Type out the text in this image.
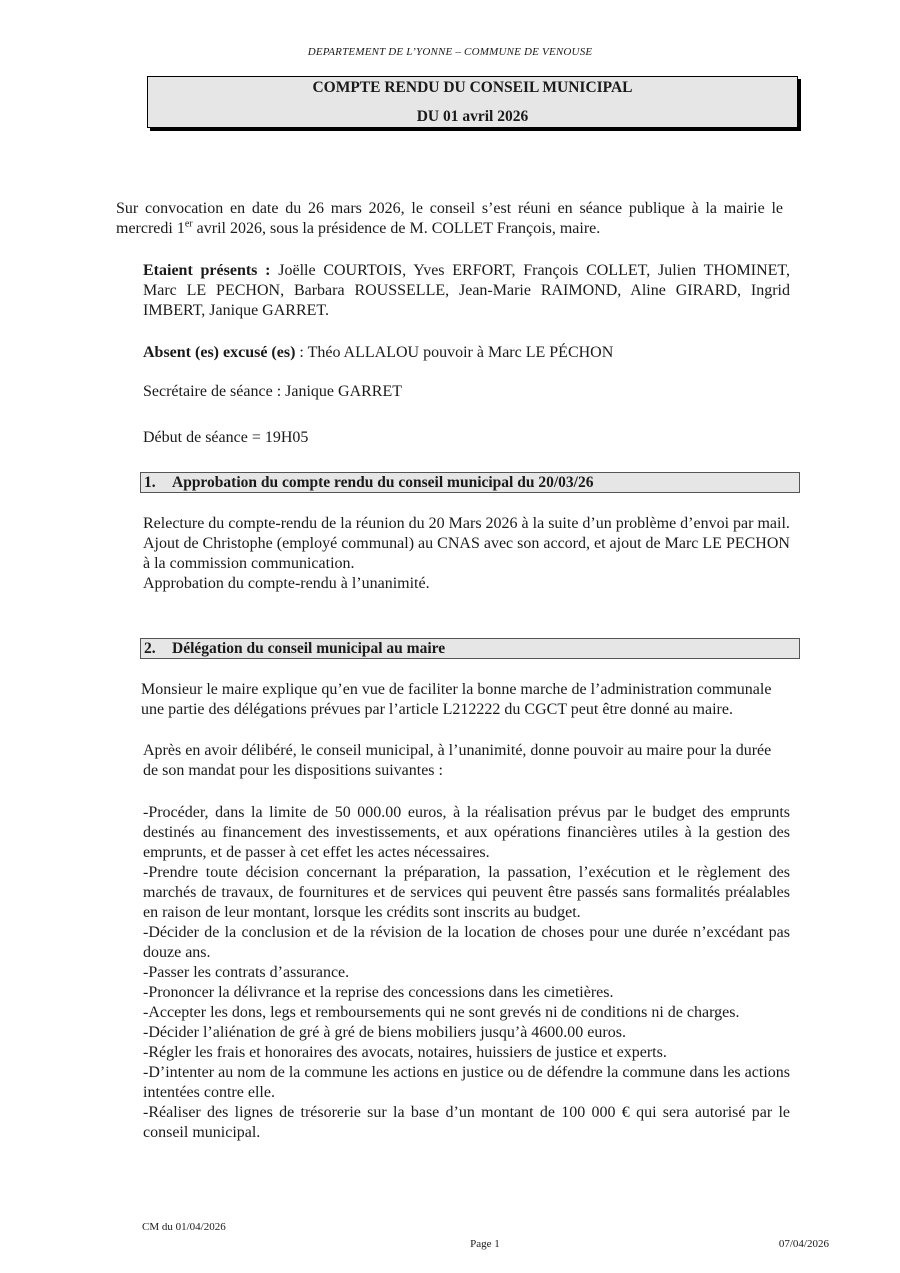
DEPARTEMENT DE L’YONNE – COMMUNE DE VENOUSE
COMPTE RENDU DU CONSEIL MUNICIPAL
DU 01 avril 2026
Sur convocation en date du 26 mars 2026, le conseil s’est réuni en séance publique à la mairie le mercredi 1er avril 2026, sous la présidence de M. COLLET François, maire.
Etaient présents : Joëlle COURTOIS, Yves ERFORT, François COLLET, Julien THOMINET, Marc LE PECHON, Barbara ROUSSELLE, Jean-Marie RAIMOND, Aline GIRARD, Ingrid IMBERT, Janique GARRET.
Absent (es) excusé (es) : Théo ALLALOU pouvoir à Marc LE PÉCHON
Secrétaire de séance : Janique GARRET
Début de séance = 19H05
1. Approbation du compte rendu du conseil municipal du 20/03/26
Relecture du compte-rendu de la réunion du 20 Mars 2026 à la suite d’un problème d’envoi par mail.
Ajout de Christophe (employé communal) au CNAS avec son accord, et ajout de Marc LE PECHON à la commission communication.
Approbation du compte-rendu à l’unanimité.
2. Délégation du conseil municipal au maire
Monsieur le maire explique qu’en vue de faciliter la bonne marche de l’administration communale une partie des délégations prévues par l’article L212222 du CGCT peut être donné au maire.
Après en avoir délibéré, le conseil municipal, à l’unanimité, donne pouvoir au maire pour la durée de son mandat pour les dispositions suivantes :
-Procéder, dans la limite de 50 000.00 euros, à la réalisation prévus par le budget des emprunts destinés au financement des investissements, et aux opérations financières utiles à la gestion des emprunts, et de passer à cet effet les actes nécessaires.
-Prendre toute décision concernant la préparation, la passation, l’exécution et le règlement des marchés de travaux, de fournitures et de services qui peuvent être passés sans formalités préalables en raison de leur montant, lorsque les crédits sont inscrits au budget.
-Décider de la conclusion et de la révision de la location de choses pour une durée n’excédant pas douze ans.
-Passer les contrats d’assurance.
-Prononcer la délivrance et la reprise des concessions dans les cimetières.
-Accepter les dons, legs et remboursements qui ne sont grevés ni de conditions ni de charges.
-Décider l’aliénation de gré à gré de biens mobiliers jusqu’à 4600.00 euros.
-Régler les frais et honoraires des avocats, notaires, huissiers de justice et experts.
-D’intenter au nom de la commune les actions en justice ou de défendre la commune dans les actions intentées contre elle.
-Réaliser des lignes de trésorerie sur la base d’un montant de 100 000 € qui sera autorisé par le conseil municipal.
CM du 01/04/2026
Page 1	07/04/2026
